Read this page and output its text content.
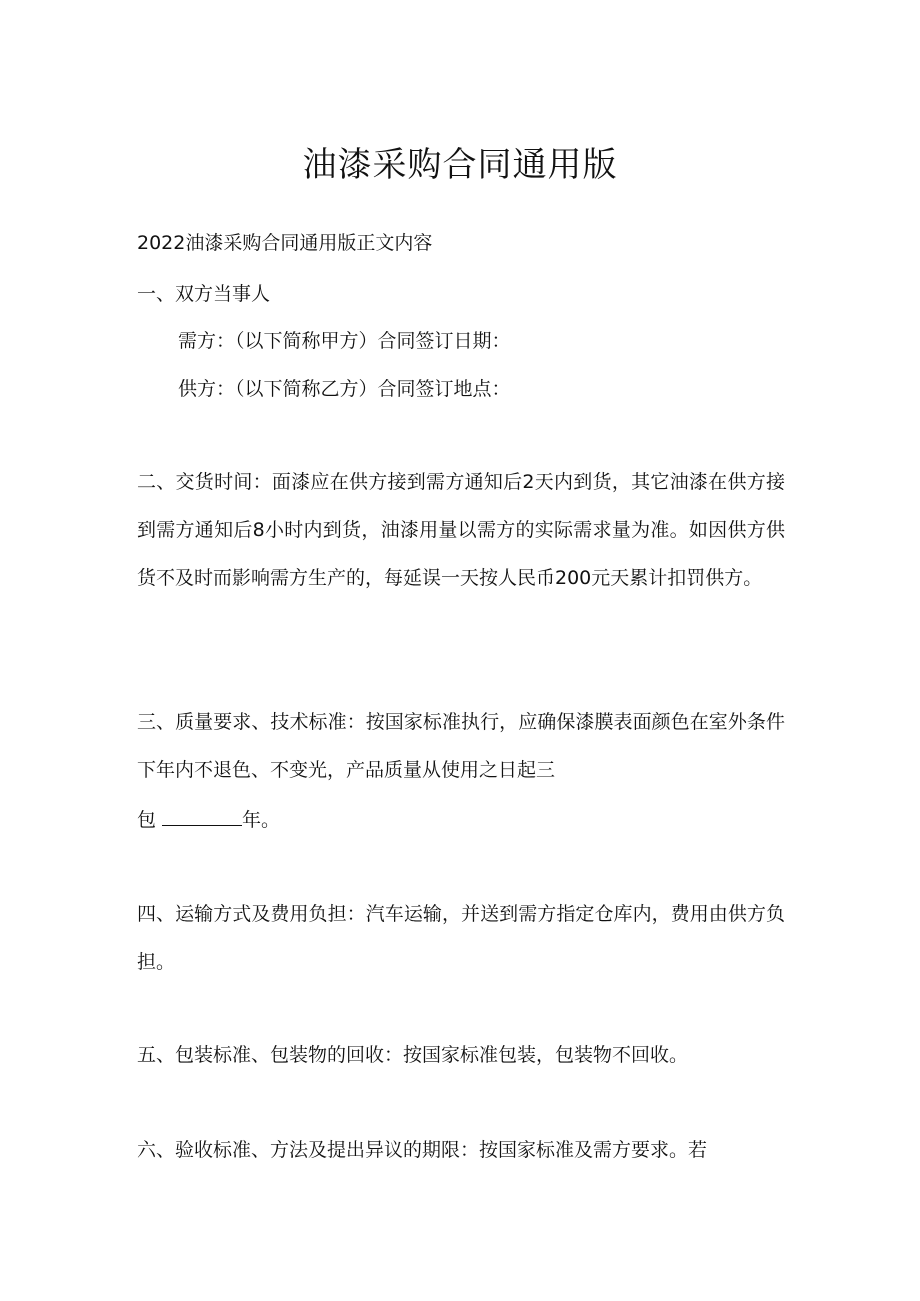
油漆采购合同通用版

2022油漆采购合同通用版正文内容

一、双方当事人

需方：（以下简称甲方）合同签订日期：

供方：（以下简称乙方）合同签订地点：

二、交货时间：面漆应在供方接到需方通知后2天内到货，其它油漆在供方接到需方通知后8小时内到货，油漆用量以需方的实际需求量为准。如因供方供货不及时而影响需方生产的，每延误一天按人民币200元天累计扣罚供方。

三、质量要求、技术标准：按国家标准执行，应确保漆膜表面颜色在室外条件下年内不退色、不变光，产品质量从使用之日起三

包	年。

四、运输方式及费用负担：汽车运输，并送到需方指定仓库内，费用由供方负担。

五、包装标准、包装物的回收：按国家标准包装，包装物不回收。

六、验收标准、方法及提出异议的期限：按国家标准及需方要求。若
